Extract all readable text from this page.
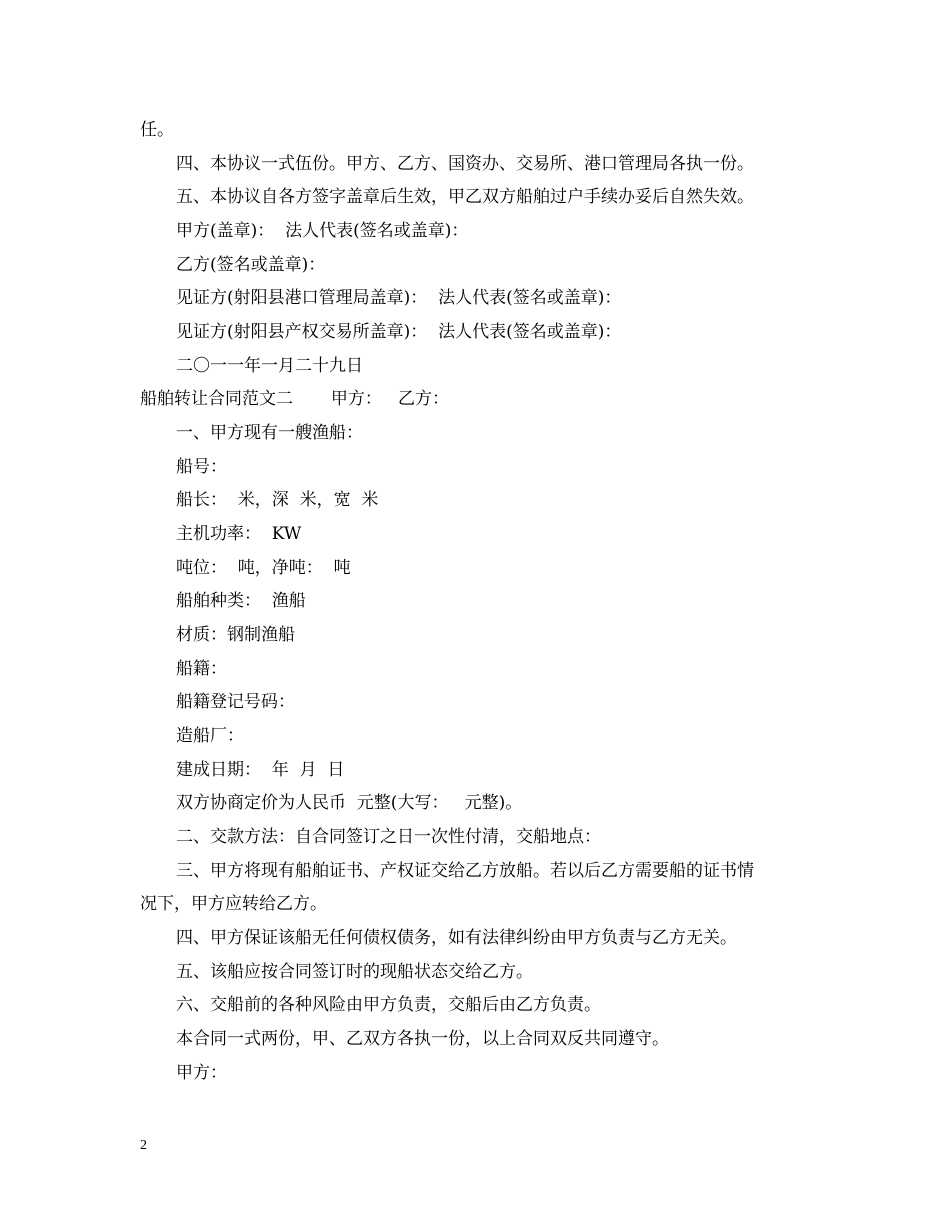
任。
四、本协议一式伍份。甲方、乙方、国资办、交易所、港口管理局各执一份。
五、本协议自各方签字盖章后生效，甲乙双方船舶过户手续办妥后自然失效。
甲方(盖章)：  法人代表(签名或盖章)：
乙方(签名或盖章)：
见证方(射阳县港口管理局盖章)：  法人代表(签名或盖章)：
见证方(射阳县产权交易所盖章)：  法人代表(签名或盖章)：
二〇一一年一月二十九日
船舶转让合同范文二       甲方：   乙方：
一、甲方现有一艘渔船：
船号：
船长：  米，深  米，宽  米
主机功率：  KW
吨位：  吨，净吨：  吨
船舶种类：  渔船
材质：钢制渔船
船籍：
船籍登记号码：
造船厂：
建成日期：  年  月  日
双方协商定价为人民币  元整(大写：   元整)。
二、交款方法：自合同签订之日一次性付清，交船地点：
三、甲方将现有船舶证书、产权证交给乙方放船。若以后乙方需要船的证书情
况下，甲方应转给乙方。
四、甲方保证该船无任何债权债务，如有法律纠纷由甲方负责与乙方无关。
五、该船应按合同签订时的现船状态交给乙方。
六、交船前的各种风险由甲方负责，交船后由乙方负责。
本合同一式两份，甲、乙双方各执一份，以上合同双反共同遵守。
甲方：
2
